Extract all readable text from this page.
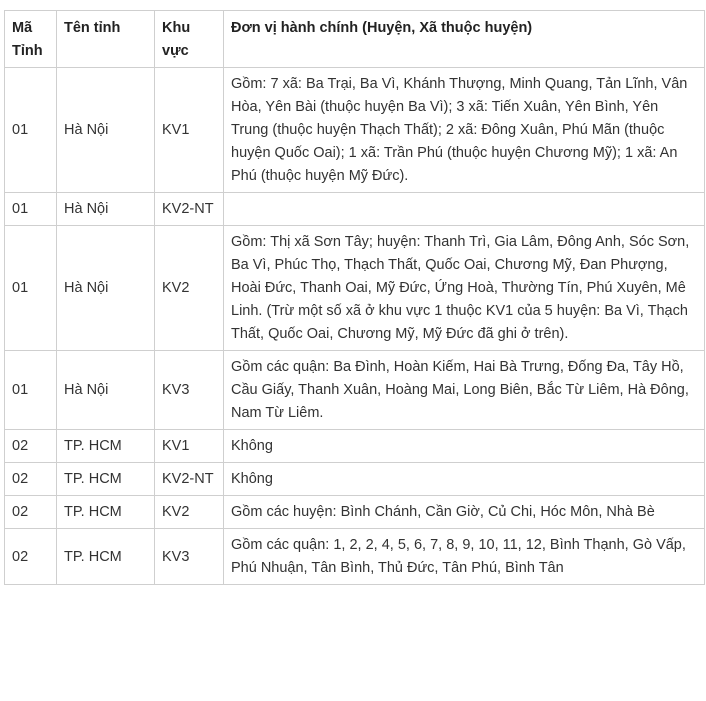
Mã Tỉnh	Tên tỉnh	Khu vực	Đơn vị hành chính (Huyện, Xã thuộc huyện)
01	Hà Nội	KV1	Gồm: 7 xã: Ba Trại, Ba Vì, Khánh Thượng, Minh Quang, Tản Lĩnh, Vân Hòa, Yên Bài (thuộc huyện Ba Vì); 3 xã: Tiến Xuân, Yên Bình, Yên Trung (thuộc huyện Thạch Thất); 2 xã: Đông Xuân, Phú Mãn (thuộc huyện Quốc Oai); 1 xã: Trần Phú (thuộc huyện Chương Mỹ); 1 xã: An Phú (thuộc huyện Mỹ Đức).
01	Hà Nội	KV2-NT	
01	Hà Nội	KV2	Gồm: Thị xã Sơn Tây; huyện: Thanh Trì, Gia Lâm, Đông Anh, Sóc Sơn, Ba Vì, Phúc Thọ, Thạch Thất, Quốc Oai, Chương Mỹ, Đan Phượng, Hoài Đức, Thanh Oai, Mỹ Đức, Ứng Hoà, Thường Tín, Phú Xuyên, Mê Linh. (Trừ một số xã ở khu vực 1 thuộc KV1 của 5 huyện: Ba Vì, Thạch Thất, Quốc Oai, Chương Mỹ, Mỹ Đức đã ghi ở trên).
01	Hà Nội	KV3	Gồm các quận: Ba Đình, Hoàn Kiếm, Hai Bà Trưng, Đống Đa, Tây Hồ, Cầu Giấy, Thanh Xuân, Hoàng Mai, Long Biên, Bắc Từ Liêm, Hà Đông, Nam Từ Liêm.
02	TP. HCM	KV1	Không
02	TP. HCM	KV2-NT	Không
02	TP. HCM	KV2	Gồm các huyện: Bình Chánh, Cần Giờ, Củ Chi, Hóc Môn, Nhà Bè
02	TP. HCM	KV3	Gồm các quận: 1, 2, 2, 4, 5, 6, 7, 8, 9, 10, 11, 12, Bình Thạnh, Gò Vấp, Phú Nhuận, Tân Bình, Thủ Đức, Tân Phú, Bình Tân
